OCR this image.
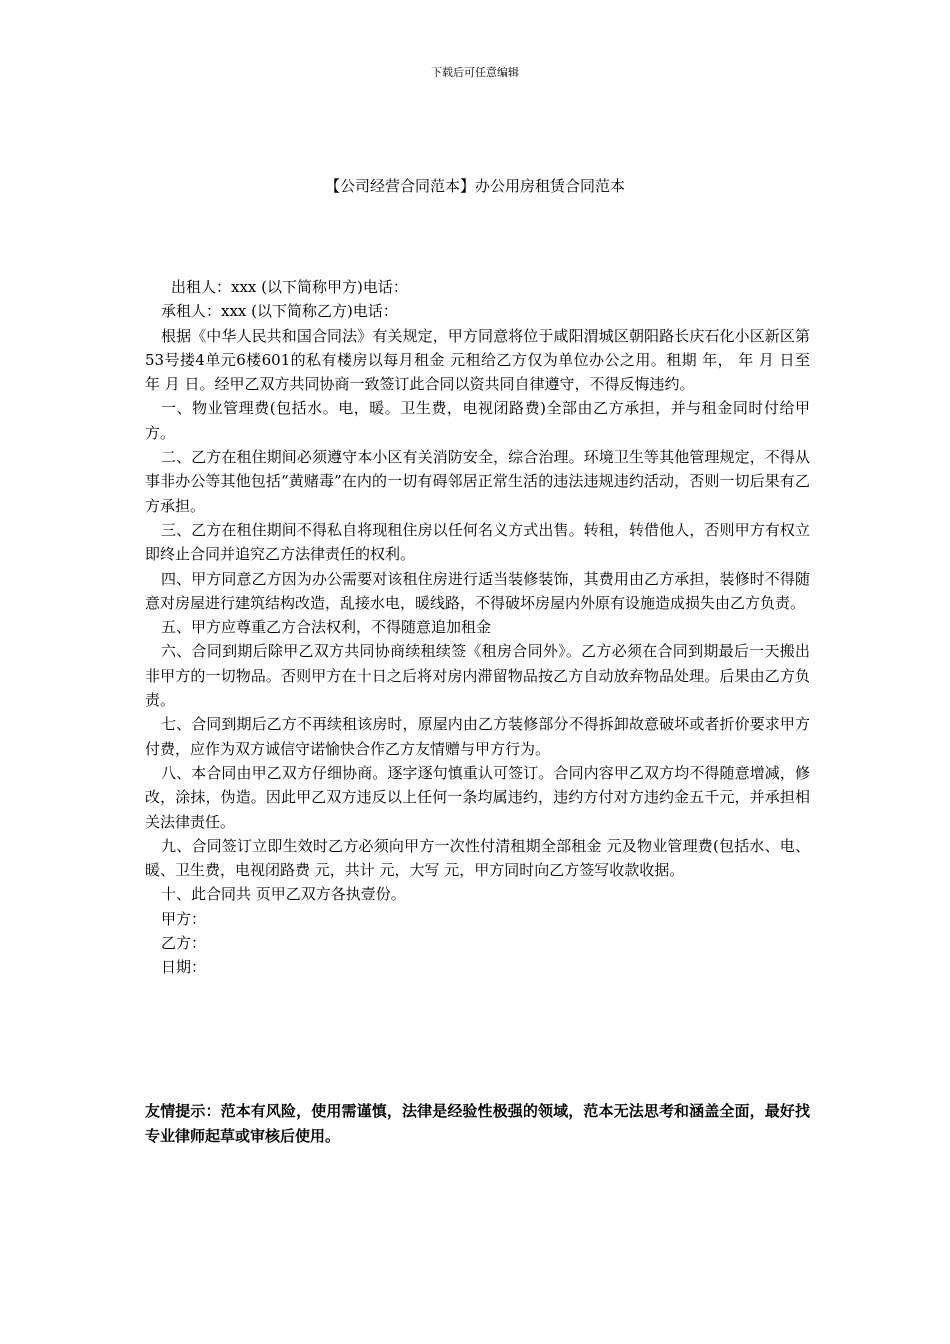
下载后可任意编辑
【公司经营合同范本】办公用房租赁合同范本

出租人：xxx (以下简称甲方)电话：

承租人：xxx (以下简称乙方)电话：

根据《中华人民共和国合同法》有关规定，甲方同意将位于咸阳渭城区朝阳路长庆石化小区新区第53号搂4单元6楼601的私有楼房以每月租金 元租给乙方仅为单位办公之用。租期 年， 年 月 日至 年 月 日。经甲乙双方共同协商一致签订此合同以资共同自律遵守，不得反悔违约。

一、物业管理费(包括水。电，暖。卫生费，电视闭路费)全部由乙方承担，并与租金同时付给甲方。

二、乙方在租住期间必须遵守本小区有关消防安全，综合治理。环境卫生等其他管理规定，不得从事非办公等其他包括“黄赌毒”在内的一切有碍邻居正常生活的违法违规违约活动，否则一切后果有乙方承担。

三、乙方在租住期间不得私自将现租住房以任何名义方式出售。转租，转借他人，否则甲方有权立即终止合同并追究乙方法律责任的权利。

四、甲方同意乙方因为办公需要对该租住房进行适当装修装饰，其费用由乙方承担，装修时不得随意对房屋进行建筑结构改造，乱接水电，暖线路，不得破坏房屋内外原有设施造成损失由乙方负责。

五、甲方应尊重乙方合法权利，不得随意追加租金

六、合同到期后除甲乙双方共同协商续租续签《租房合同外》。乙方必须在合同到期最后一天搬出非甲方的一切物品。否则甲方在十日之后将对房内滞留物品按乙方自动放弃物品处理。后果由乙方负责。

七、合同到期后乙方不再续租该房时，原屋内由乙方装修部分不得拆卸故意破坏或者折价要求甲方付费，应作为双方诚信守诺愉快合作乙方友情赠与甲方行为。

八、本合同由甲乙双方仔细协商。逐字逐句慎重认可签订。合同内容甲乙双方均不得随意增减，修改，涂抹，伪造。因此甲乙双方违反以上任何一条均属违约，违约方付对方违约金五千元，并承担相关法律责任。

九、合同签订立即生效时乙方必须向甲方一次性付清租期全部租金 元及物业管理费(包括水、电、暖、卫生费，电视闭路费 元，共计 元，大写 元，甲方同时向乙方签写收款收据。

十、此合同共 页甲乙双方各执壹份。

甲方：

乙方：

日期：

友情提示：范本有风险，使用需谨慎，法律是经验性极强的领域，范本无法思考和涵盖全面，最好找专业律师起草或审核后使用。
